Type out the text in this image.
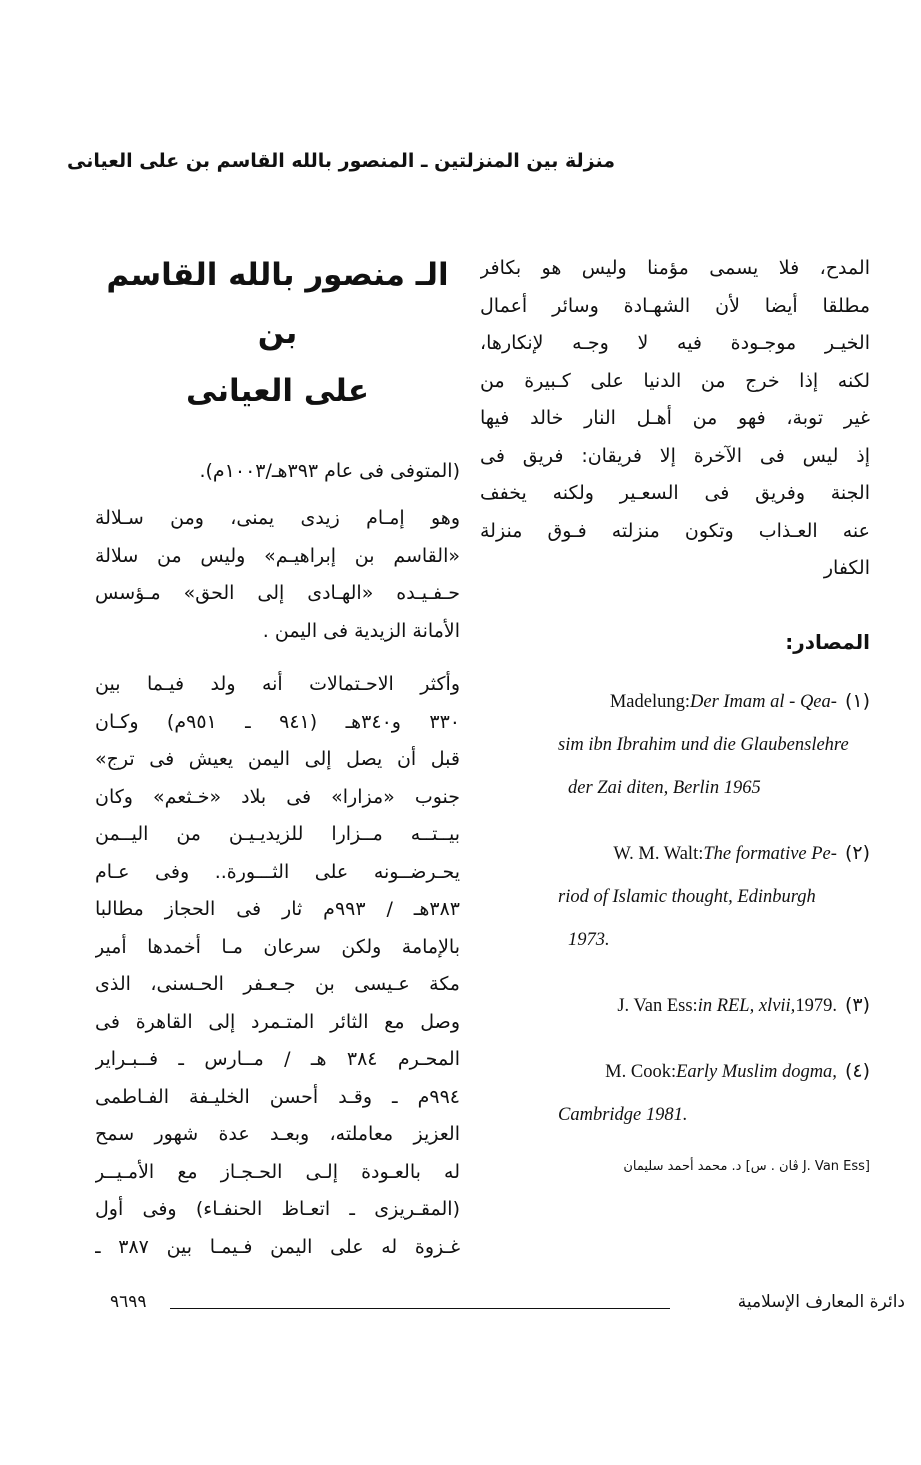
منزلة بين المنزلتين ـ المنصور بالله القاسم بن على العيانى
المدح، فلا يسمى مؤمنا وليس هو بكافر
مطلقا أيضا لأن الشهـادة وسائر أعمال
الخيـر موجـودة فيه لا وجـه لإنكارها،
لكنه إذا خرج من الدنيا على كـبيرة من
غير توبة، فهو من أهـل النار خالد فيها
إذ ليس فى الآخرة إلا فريقان: فريق فى
الجنة وفريق فى السعـير ولكنه يخفف
عنه العـذاب وتكون منزلته فـوق منزلة
الكفار
المصادر:
Madelung: Der Imam al - Qea- (١)
sim ibn Ibrahim und die Glaubenslehre
der Zai diten, Berlin 1965
W. M. Walt: The formative Pe- (٢)
riod of Islamic thought, Edinburgh
1973.
J. Van Ess: in REL, xlvii, 1979. (٣)
M. Cook: Early Muslim dogma, (٤)
Cambridge 1981.
د. محمد أحمد سليمان [ڤان . س J. Van Ess]
الـ منصور بالله القاسم بن
على العيانى
(المتوفى فى عام ٣٩٣هـ/١٠٠٣م).
وهو إمـام زيدى يمنى، ومن سـلالة
«القاسم بن إبراهيـم» وليس من سلالة
حـفـيـده «الهـادى إلى الحق» مـؤسس
الأمانة الزيدية فى اليمن .
وأكثر الاحـتمالات أنه ولد فيـما بين
٣٣٠ و٣٤٠هـ (٩٤١ ـ ٩٥١م) وكـان
قبل أن يصل إلى اليمن يعيش فى ترج»
جنوب «مزارا» فى بلاد «خـثعم» وكان
بيــتــه مــزارا للزيديـيـن من اليــمن
يحـرضــونه على الثـــورة.. وفى عـام
٣٨٣هـ / ٩٩٣م ثار فى الحجاز مطالبا
بالإمامة ولكن سرعان مـا أخمدها أمير
مكة عـيسى بن جـعـفر الحـسنى، الذى
وصل مع الثائر المتـمرد إلى القاهرة فى
المحـرم ٣٨٤ هـ / مــارس ـ فــبـراير
٩٩٤م ـ وقـد أحسن الخليـفة الفـاطمى
العزيز معاملته، وبعـد عدة شهور سمح
له بالعـودة إلـى الحـجـاز مع الأمـيــر
(المقـريزى ـ اتعـاظ الحنفـاء) وفى أول
غـزوة له على اليمن فـيمـا بين ٣٨٧ ـ
٩٦٩٩	دائرة المعارف الإسلامية
